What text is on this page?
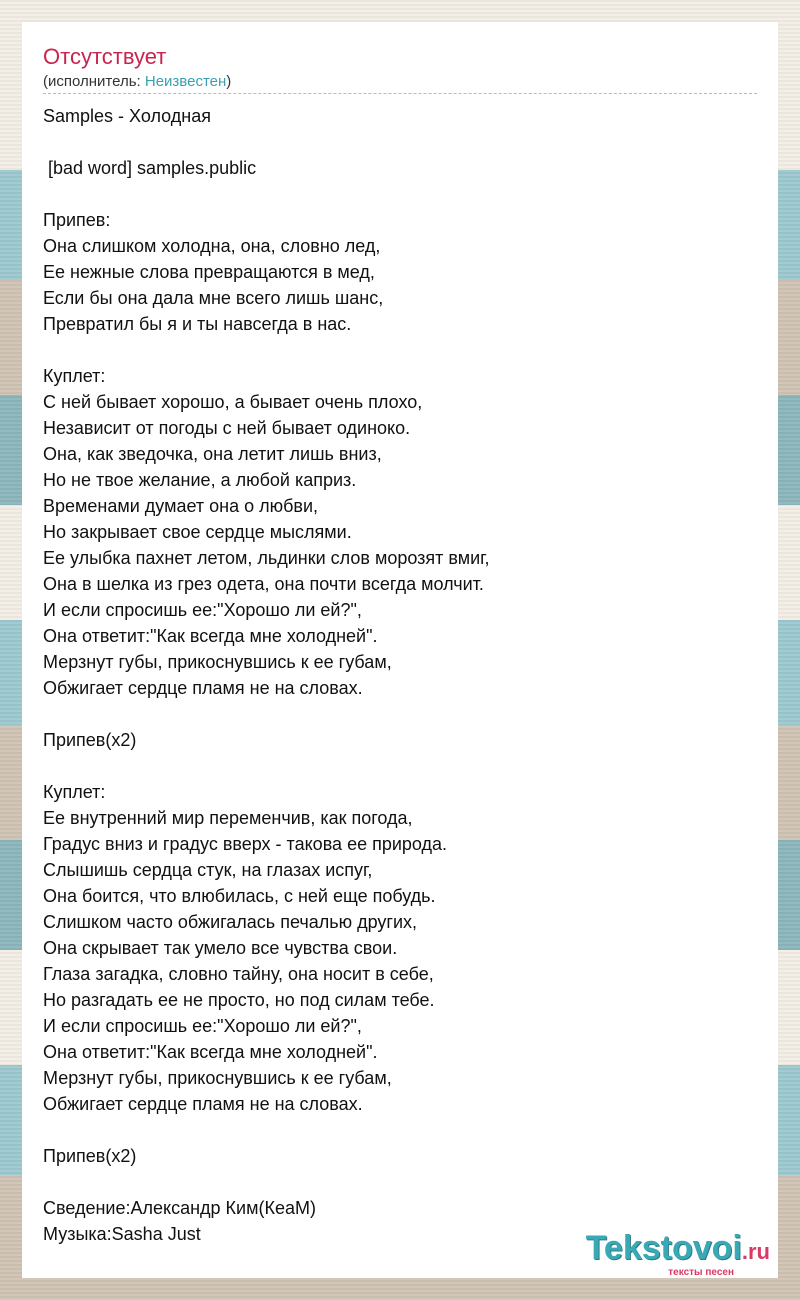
Отсутствует
(исполнитель: Неизвестен)
Samples - Холодная
[bad word] samples.public
Припев:
Она слишком холодна, она, словно лед,
Ее нежные слова превращаются в мед,
Если бы она дала мне всего лишь шанс,
Превратил бы я и ты навсегда в нас.
Куплет:
С ней бывает хорошо, а бывает очень плохо,
Независит от погоды с ней бывает одиноко.
Она, как зведочка, она летит лишь вниз,
Но не твое желание, а любой каприз.
Временами думает она о любви,
Но закрывает свое сердце мыслями.
Ее улыбка пахнет летом, льдинки слов морозят вмиг,
Она в шелка из грез одета, она почти всегда молчит.
И если спросишь ее:"Хорошо ли ей?",
Она ответит:"Как всегда мне холодней".
Мерзнут губы, прикоснувшись к ее губам,
Обжигает сердце пламя не на словах.
Припев(x2)
Куплет:
Ее внутренний мир переменчив, как погода,
Градус вниз и градус вверх - такова ее природа.
Слышишь сердца стук, на глазах испуг,
Она боится, что влюбилась, с ней еще побудь.
Слишком часто обжигалась печалью других,
Она скрывает так умело все чувства свои.
Глаза загадка, словно тайну, она носит в себе,
Но разгадать ее не просто, но под силам тебе.
И если спросишь ее:"Хорошо ли ей?",
Она ответит:"Как всегда мне холодней".
Мерзнут губы, прикоснувшись к ее губам,
Обжигает сердце пламя не на словах.
Припев(x2)
Сведение:Александр Ким(КеаМ)
Музыка:Sasha Just	Tekstovoi.ru
тексты песен
